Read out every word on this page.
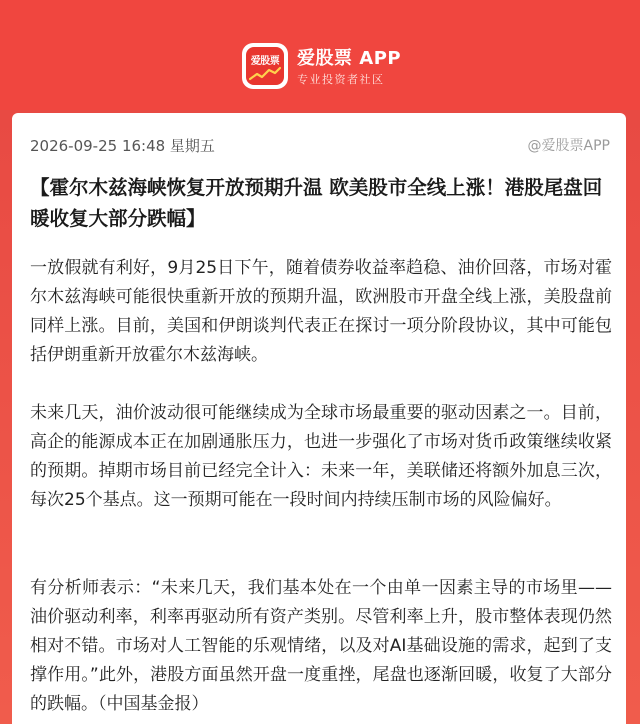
爱股票 爱股票 APP
专业投资者社区
2026-09-25 16:48 星期五	@爱股票APP
【霍尔木兹海峡恢复开放预期升温 欧美股市全线上涨！港股尾盘回暖收复大部分跌幅】

一放假就有利好，9月25日下午，随着债券收益率趋稳、油价回落，市场对霍尔木兹海峡可能很快重新开放的预期升温，欧洲股市开盘全线上涨，美股盘前同样上涨。目前，美国和伊朗谈判代表正在探讨一项分阶段协议，其中可能包括伊朗重新开放霍尔木兹海峡。

未来几天，油价波动很可能继续成为全球市场最重要的驱动因素之一。目前，高企的能源成本正在加剧通胀压力，也进一步强化了市场对货币政策继续收紧的预期。掉期市场目前已经完全计入：未来一年，美联储还将额外加息三次，每次25个基点。这一预期可能在一段时间内持续压制市场的风险偏好。

有分析师表示：“未来几天，我们基本处在一个由单一因素主导的市场里——油价驱动利率，利率再驱动所有资产类别。尽管利率上升，股市整体表现仍然相对不错。市场对人工智能的乐观情绪，以及对AI基础设施的需求，起到了支撑作用。”此外，港股方面虽然开盘一度重挫，尾盘也逐渐回暖，收复了大部分的跌幅。（中国基金报）
